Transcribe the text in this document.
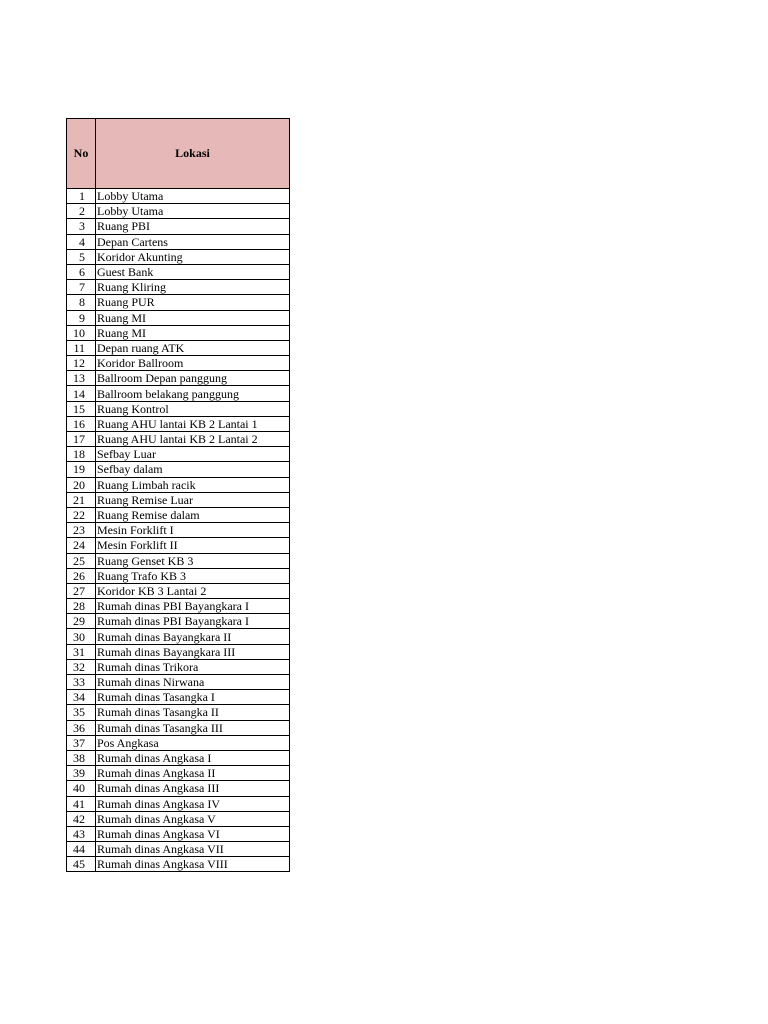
No	Lokasi
1	Lobby Utama
2	Lobby Utama
3	Ruang PBI
4	Depan Cartens
5	Koridor Akunting
6	Guest Bank
7	Ruang Kliring
8	Ruang PUR
9	Ruang MI
10	Ruang MI
11	Depan ruang ATK
12	Koridor Ballroom
13	Ballroom Depan panggung
14	Ballroom belakang panggung
15	Ruang Kontrol
16	Ruang AHU lantai KB 2 Lantai 1
17	Ruang AHU lantai KB 2 Lantai 2
18	Sefbay Luar
19	Sefbay dalam
20	Ruang Limbah racik
21	Ruang Remise Luar
22	Ruang Remise dalam
23	Mesin Forklift I
24	Mesin Forklift II
25	Ruang Genset KB 3
26	Ruang Trafo KB 3
27	Koridor KB 3 Lantai 2
28	Rumah dinas PBI Bayangkara I
29	Rumah dinas PBI Bayangkara I
30	Rumah dinas Bayangkara II
31	Rumah dinas Bayangkara III
32	Rumah dinas Trikora
33	Rumah dinas Nirwana
34	Rumah dinas Tasangka I
35	Rumah dinas Tasangka II
36	Rumah dinas Tasangka III
37	Pos Angkasa
38	Rumah dinas Angkasa I
39	Rumah dinas Angkasa II
40	Rumah dinas Angkasa III
41	Rumah dinas Angkasa IV
42	Rumah dinas Angkasa V
43	Rumah dinas Angkasa VI
44	Rumah dinas Angkasa VII
45	Rumah dinas Angkasa VIII
